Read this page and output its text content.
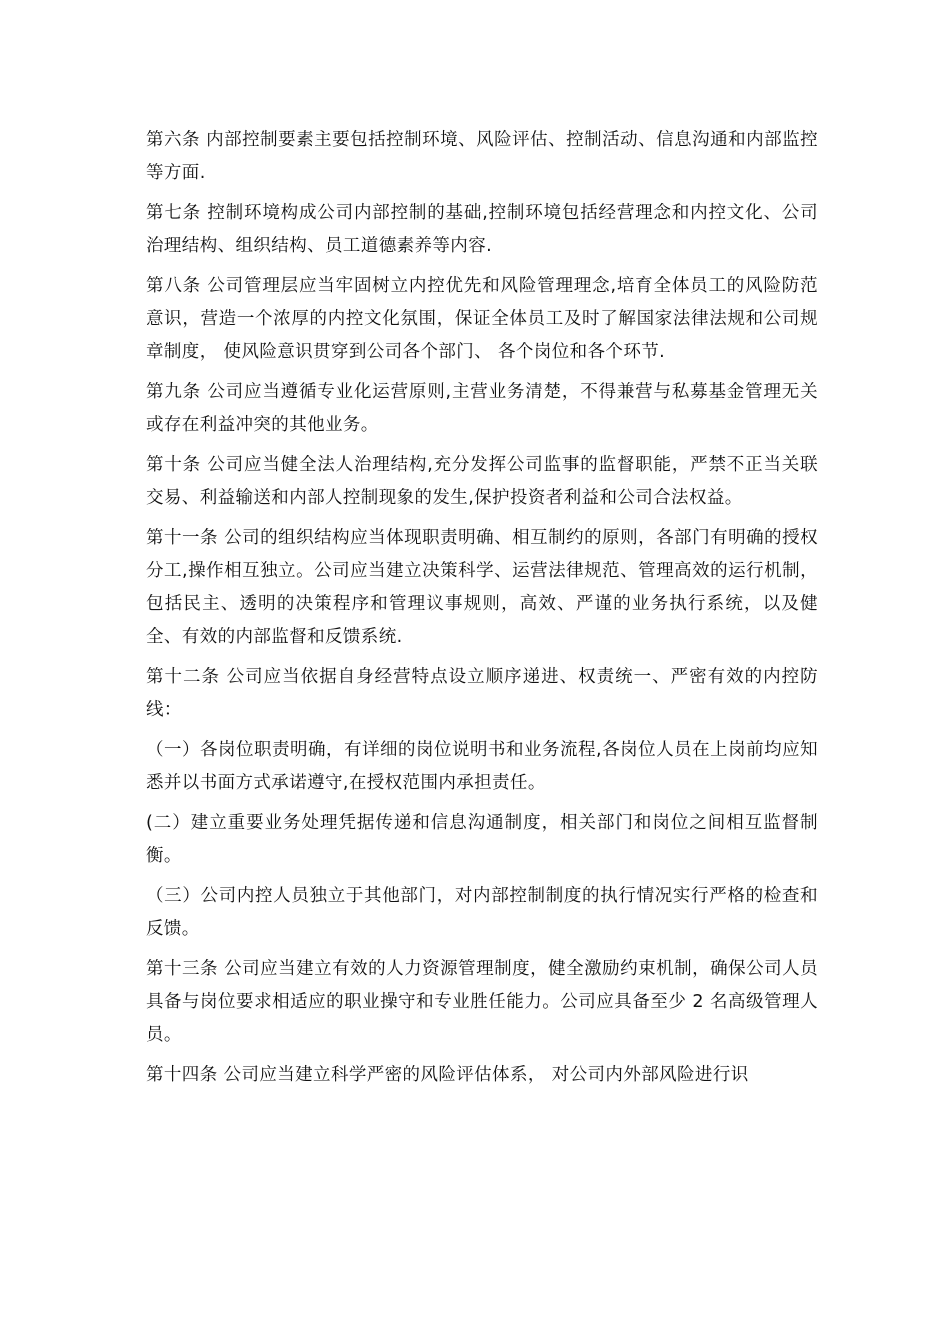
第六条 内部控制要素主要包括控制环境、风险评估、控制活动、信息沟通和内部监控等方面.

第七条 控制环境构成公司内部控制的基础,控制环境包括经营理念和内控文化、公司治理结构、组织结构、员工道德素养等内容.

第八条 公司管理层应当牢固树立内控优先和风险管理理念,培育全体员工的风险防范意识，营造一个浓厚的内控文化氛围，保证全体员工及时了解国家法律法规和公司规章制度， 使风险意识贯穿到公司各个部门、 各个岗位和各个环节.

第九条 公司应当遵循专业化运营原则,主营业务清楚，不得兼营与私募基金管理无关或存在利益冲突的其他业务。

第十条 公司应当健全法人治理结构,充分发挥公司监事的监督职能，严禁不正当关联交易、利益输送和内部人控制现象的发生,保护投资者利益和公司合法权益。

第十一条 公司的组织结构应当体现职责明确、相互制约的原则，各部门有明确的授权分工,操作相互独立。公司应当建立决策科学、运营法律规范、管理高效的运行机制，包括民主、透明的决策程序和管理议事规则，高效、严谨的业务执行系统，以及健全、有效的内部监督和反馈系统.

第十二条 公司应当依据自身经营特点设立顺序递进、权责统一、严密有效的内控防线：

（一）各岗位职责明确，有详细的岗位说明书和业务流程,各岗位人员在上岗前均应知悉并以书面方式承诺遵守,在授权范围内承担责任。

(二）建立重要业务处理凭据传递和信息沟通制度，相关部门和岗位之间相互监督制衡。

（三）公司内控人员独立于其他部门，对内部控制制度的执行情况实行严格的检查和反馈。

第十三条 公司应当建立有效的人力资源管理制度，健全激励约束机制，确保公司人员具备与岗位要求相适应的职业操守和专业胜任能力。公司应具备至少 2 名高级管理人员。

第十四条 公司应当建立科学严密的风险评估体系， 对公司内外部风险进行识
